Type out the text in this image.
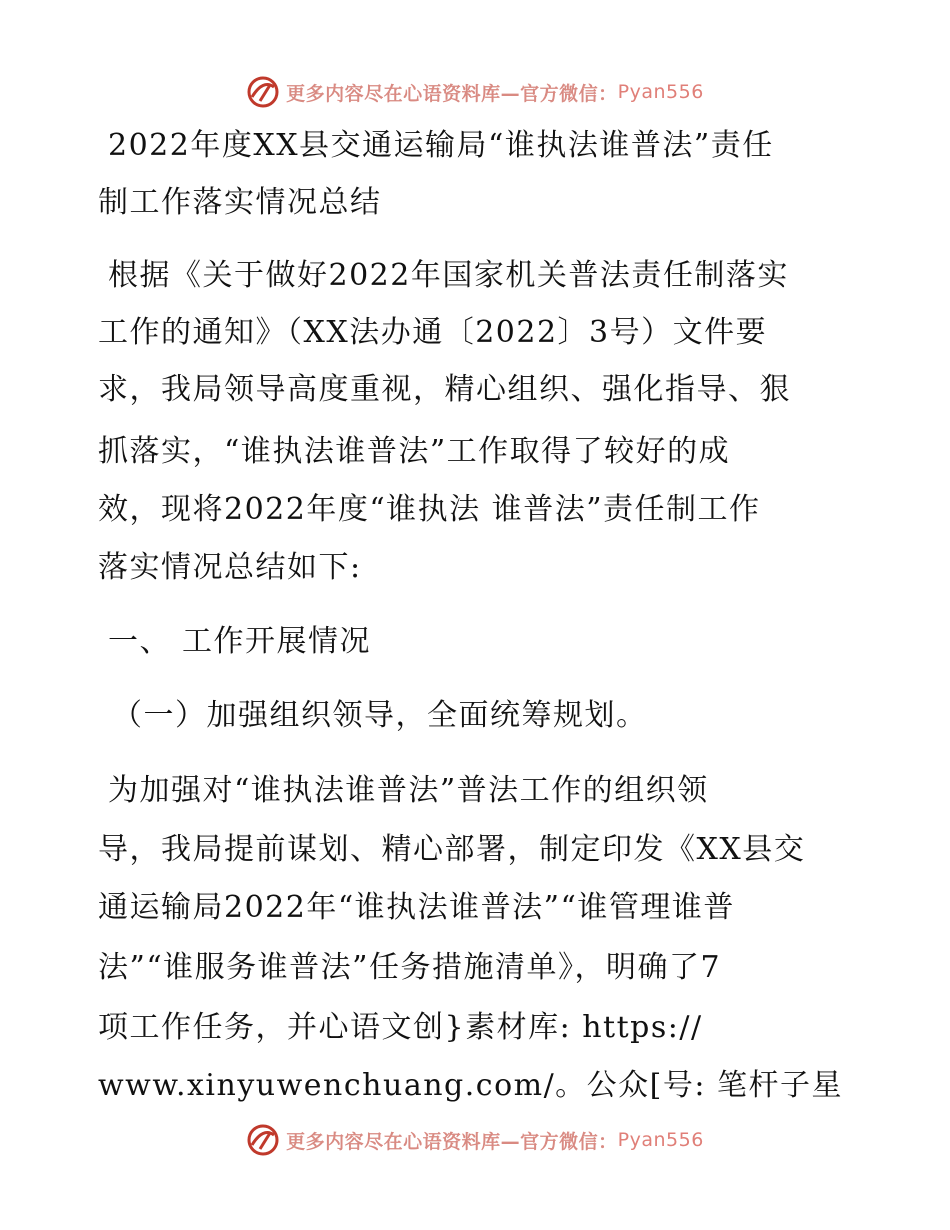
更多内容尽在心语资料库—官方微信： Pyan556
2022年度XX县交通运输局“谁执法谁普法”责任
制工作落实情况总结
根据《关于做好2022年国家机关普法责任制落实
工作的通知》（XX法办通〔2022〕3号）文件要
求，我局领导高度重视，精心组织、强化指导、狠
抓落实，“谁执法谁普法”工作取得了较好的成
效，现将2022年度“谁执法 谁普法”责任制工作
落实情况总结如下:
一、 工作开展情况
（一）加强组织领导，全面统筹规划。
为加强对“谁执法谁普法”普法工作的组织领
导，我局提前谋划、精心部署，制定印发《XX县交
通运输局2022年“谁执法谁普法”“谁管理谁普
法”“谁服务谁普法”任务措施清单》，明确了7
项工作任务，并心语文创}素材库: https://
www.xinyuwenchuang.com/。公众[号: 笔杆子星
更多内容尽在心语资料库—官方微信： Pyan556
